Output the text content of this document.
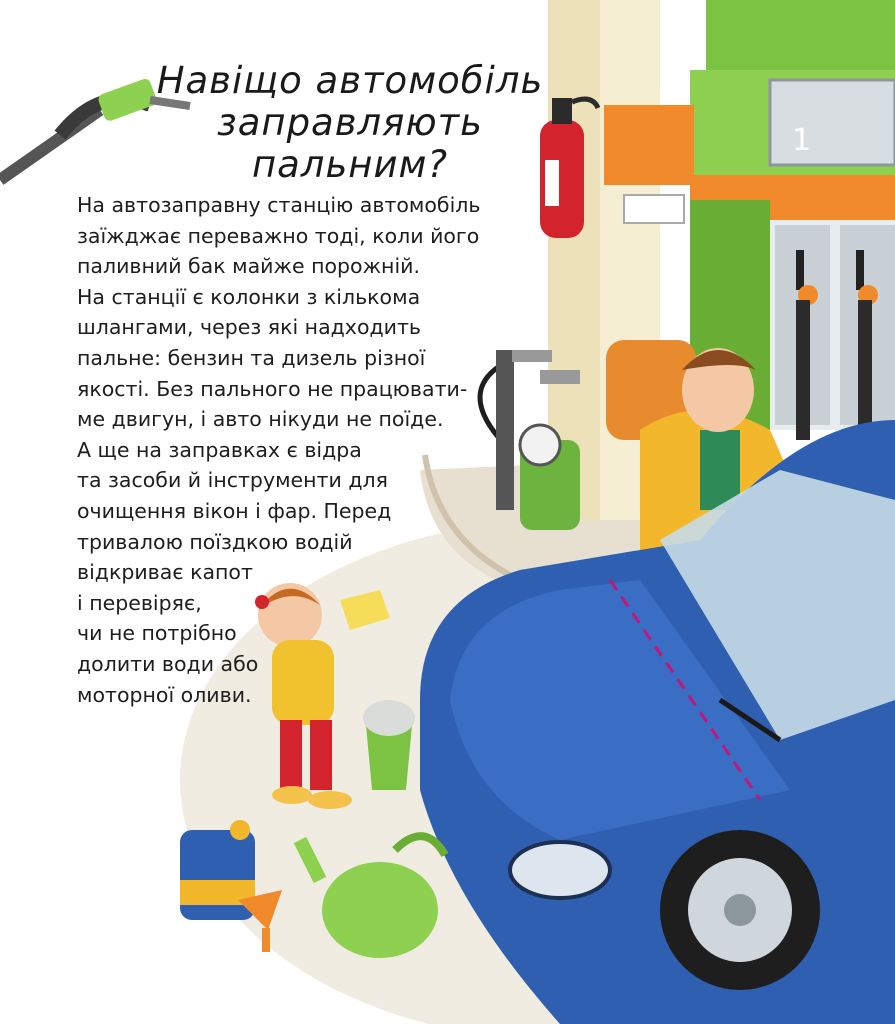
1
Навіщо автомобіль
заправляють
пальним?
На автозаправну станцію автомобіль
заїжджає переважно тоді, коли його
паливний бак майже порожній.
На станції є колонки з кількома
шлангами, через які надходить
пальне: бензин та дизель різної
якості. Без пального не працювати-
ме двигун, і авто нікуди не поїде.
А ще на заправках є відра
та засоби й інструменти для
очищення вікон і фар. Перед
тривалою поїздкою водій
відкриває капот
і перевіряє,
чи не потрібно
долити води або
моторної оливи.
